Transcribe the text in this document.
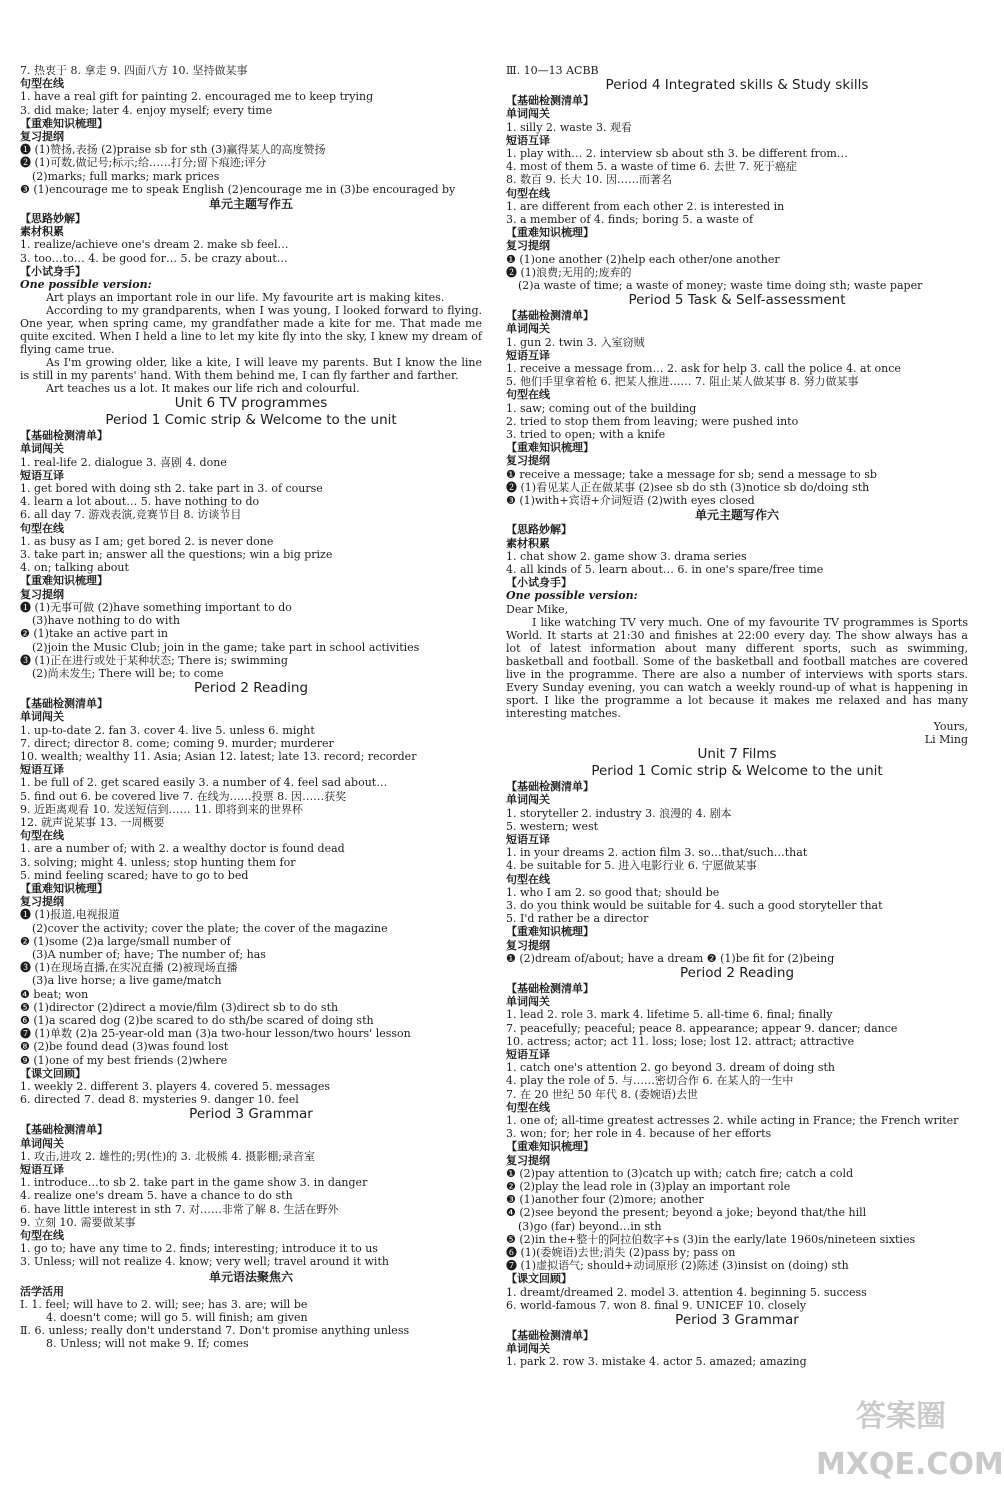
7. 热衷于 8. 拿走 9. 四面八方 10. 坚持做某事
句型在线
1. have a real gift for painting 2. encouraged me to keep trying
3. did make; later 4. enjoy myself; every time
【重难知识梳理】
复习提纲
❶ (1)赞扬,表扬 (2)praise sb for sth (3)赢得某人的高度赞扬
❷ (1)可数,做记号;标示;给……打分;留下痕迹;评分
(2)marks; full marks; mark prices
❸ (1)encourage me to speak English (2)encourage me in (3)be encouraged by
单元主题写作五
【思路妙解】
素材积累
1. realize/achieve one's dream 2. make sb feel…
3. too…to… 4. be good for… 5. be crazy about…
【小试身手】
One possible version:
Art plays an important role in our life. My favourite art is making kites.
According to my grandparents, when I was young, I looked forward to flying. One year, when spring came, my grandfather made a kite for me. That made me quite excited. When I held a line to let my kite fly into the sky, I knew my dream of flying came true.
As I'm growing older, like a kite, I will leave my parents. But I know the line is still in my parents' hand. With them behind me, I can fly farther and farther.
Art teaches us a lot. It makes our life rich and colourful.
Unit 6 TV programmes
Period 1 Comic strip & Welcome to the unit
【基础检测清单】
单词闯关
1. real-life 2. dialogue 3. 喜剧 4. done
短语互译
1. get bored with doing sth 2. take part in 3. of course
4. learn a lot about… 5. have nothing to do
6. all day 7. 游戏表演,竞赛节目 8. 访谈节目
句型在线
1. as busy as I am; get bored 2. is never done
3. take part in; answer all the questions; win a big prize
4. on; talking about
【重难知识梳理】
复习提纲
❶ (1)无事可做 (2)have something important to do
(3)have nothing to do with
❷ (1)take an active part in
(2)join the Music Club; join in the game; take part in school activities
❸ (1)正在进行或处于某种状态; There is; swimming
(2)尚未发生; There will be; to come
Period 2 Reading
【基础检测清单】
单词闯关
1. up-to-date 2. fan 3. cover 4. live 5. unless 6. might
7. direct; director 8. come; coming 9. murder; murderer
10. wealth; wealthy 11. Asia; Asian 12. latest; late 13. record; recorder
短语互译
1. be full of 2. get scared easily 3. a number of 4. feel sad about…
5. find out 6. be covered live 7. 在线为……投票 8. 因……获奖
9. 近距离观看 10. 发送短信到…… 11. 即将到来的世界杯
12. 就声说某事 13. 一周概要
句型在线
1. are a number of; with 2. a wealthy doctor is found dead
3. solving; might 4. unless; stop hunting them for
5. mind feeling scared; have to go to bed
【重难知识梳理】
复习提纲
❶ (1)报道,电视报道
(2)cover the activity; cover the plate; the cover of the magazine
❷ (1)some (2)a large/small number of
(3)A number of; have; The number of; has
❸ (1)在现场直播,在实况直播 (2)被现场直播
(3)a live horse; a live game/match
❹ beat; won
❺ (1)director (2)direct a movie/film (3)direct sb to do sth
❻ (1)a scared dog (2)be scared to do sth/be scared of doing sth
❼ (1)单数 (2)a 25-year-old man (3)a two-hour lesson/two hours' lesson
❽ (2)be found dead (3)was found lost
❾ (1)one of my best friends (2)where
【课文回顾】
1. weekly 2. different 3. players 4. covered 5. messages
6. directed 7. dead 8. mysteries 9. danger 10. feel
Period 3 Grammar
【基础检测清单】
单词闯关
1. 攻击,进攻 2. 雄性的;男(性)的 3. 北极熊 4. 摄影棚;录音室
短语互译
1. introduce…to sb 2. take part in the game show 3. in danger
4. realize one's dream 5. have a chance to do sth
6. have little interest in sth 7. 对……非常了解 8. 生活在野外
9. 立刻 10. 需要做某事
句型在线
1. go to; have any time to 2. finds; interesting; introduce it to us
3. Unless; will not realize 4. know; very well; travel around it with
单元语法聚焦六
活学活用
Ⅰ. 1. feel; will have to 2. will; see; has 3. are; will be
4. doesn't come; will go 5. will finish; am given
Ⅱ. 6. unless; really don't understand 7. Don't promise anything unless
8. Unless; will not make 9. If; comes
Ⅲ. 10—13 ACBB
Period 4 Integrated skills & Study skills
【基础检测清单】
单词闯关
1. silly 2. waste 3. 观看
短语互译
1. play with… 2. interview sb about sth 3. be different from…
4. most of them 5. a waste of time 6. 去世 7. 死于癌症
8. 数百 9. 长大 10. 因……而著名
句型在线
1. are different from each other 2. is interested in
3. a member of 4. finds; boring 5. a waste of
【重难知识梳理】
复习提纲
❶ (1)one another (2)help each other/one another
❷ (1)浪费;无用的;废弃的
(2)a waste of time; a waste of money; waste time doing sth; waste paper
Period 5 Task & Self-assessment
【基础检测清单】
单词闯关
1. gun 2. twin 3. 入室窃贼
短语互译
1. receive a message from… 2. ask for help 3. call the police 4. at once
5. 他们手里拿着枪 6. 把某人推进…… 7. 阻止某人做某事 8. 努力做某事
句型在线
1. saw; coming out of the building
2. tried to stop them from leaving; were pushed into
3. tried to open; with a knife
【重难知识梳理】
复习提纲
❶ receive a message; take a message for sb; send a message to sb
❷ (1)看见某人正在做某事 (2)see sb do sth (3)notice sb do/doing sth
❸ (1)with+宾语+介词短语 (2)with eyes closed
单元主题写作六
【思路妙解】
素材积累
1. chat show 2. game show 3. drama series
4. all kinds of 5. learn about… 6. in one's spare/free time
【小试身手】
One possible version:
Dear Mike,
I like watching TV very much. One of my favourite TV programmes is Sports World. It starts at 21:30 and finishes at 22:00 every day. The show always has a lot of latest information about many different sports, such as swimming, basketball and football. Some of the basketball and football matches are covered live in the programme. There are also a number of interviews with sports stars. Every Sunday evening, you can watch a weekly round-up of what is happening in sport. I like the programme a lot because it makes me relaxed and has many interesting matches.
Yours,
Li Ming
Unit 7 Films
Period 1 Comic strip & Welcome to the unit
【基础检测清单】
单词闯关
1. storyteller 2. industry 3. 浪漫的 4. 剧本
5. western; west
短语互译
1. in your dreams 2. action film 3. so…that/such…that
4. be suitable for 5. 进入电影行业 6. 宁愿做某事
句型在线
1. who I am 2. so good that; should be
3. do you think would be suitable for 4. such a good storyteller that
5. I'd rather be a director
【重难知识梳理】
复习提纲
❶ (2)dream of/about; have a dream ❷ (1)be fit for (2)being
Period 2 Reading
【基础检测清单】
单词闯关
1. lead 2. role 3. mark 4. lifetime 5. all-time 6. final; finally
7. peacefully; peaceful; peace 8. appearance; appear 9. dancer; dance
10. actress; actor; act 11. loss; lose; lost 12. attract; attractive
短语互译
1. catch one's attention 2. go beyond 3. dream of doing sth
4. play the role of 5. 与……密切合作 6. 在某人的一生中
7. 在 20 世纪 50 年代 8. (委婉语)去世
句型在线
1. one of; all-time greatest actresses 2. while acting in France; the French writer
3. won; for; her role in 4. because of her efforts
【重难知识梳理】
复习提纲
❶ (2)pay attention to (3)catch up with; catch fire; catch a cold
❷ (2)play the lead role in (3)play an important role
❸ (1)another four (2)more; another
❹ (2)see beyond the present; beyond a joke; beyond that/the hill
(3)go (far) beyond…in sth
❺ (2)in the+整十的阿拉伯数字+s (3)in the early/late 1960s/nineteen sixties
❻ (1)(委婉语)去世;消失 (2)pass by; pass on
❼ (1)虚拟语气; should+动词原形 (2)陈述 (3)insist on (doing) sth
【课文回顾】
1. dreamt/dreamed 2. model 3. attention 4. beginning 5. success
6. world-famous 7. won 8. final 9. UNICEF 10. closely
Period 3 Grammar
【基础检测清单】
单词闯关
1. park 2. row 3. mistake 4. actor 5. amazed; amazing
答案圈 MXQE.COM
